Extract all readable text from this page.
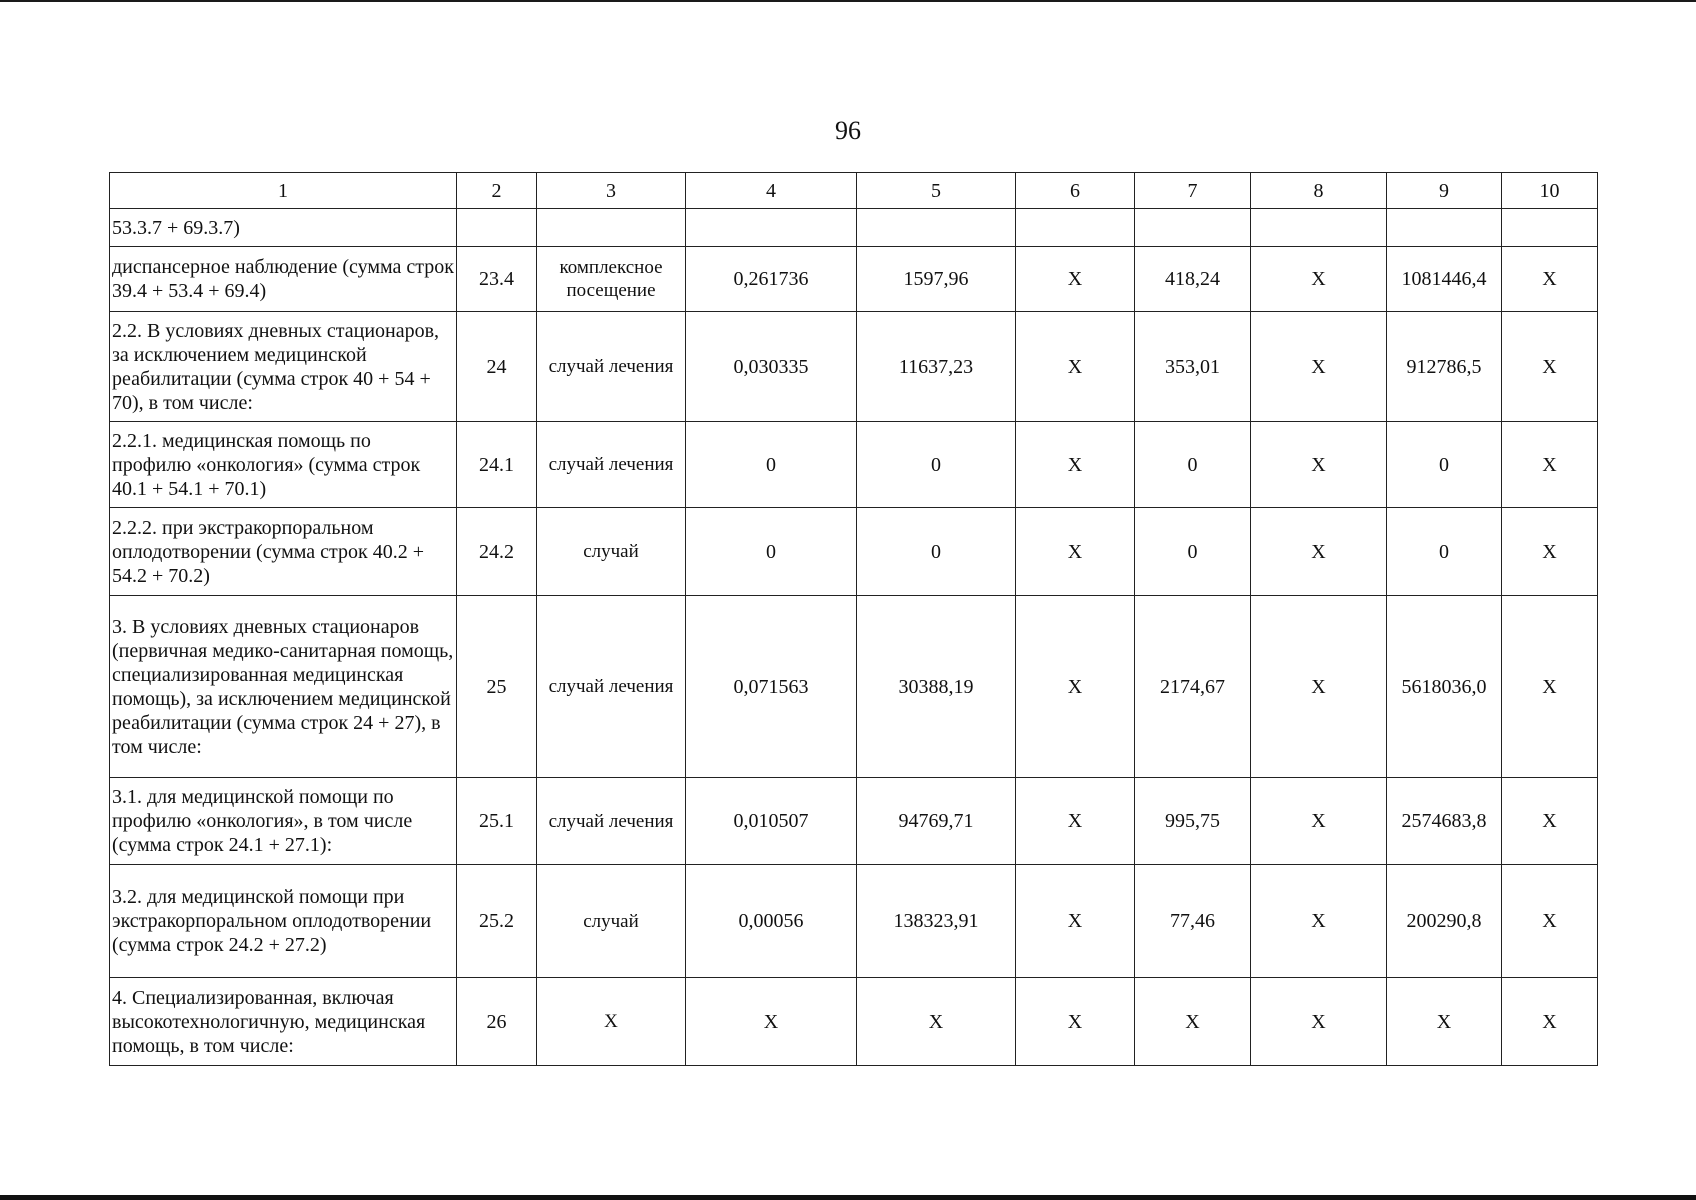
96
1	2	3	4	5	6	7	8	9	10
53.3.7 + 69.3.7)									
диспансерное наблюдение (сумма строк 39.4 + 53.4 + 69.4)	23.4	комплексное посещение	0,261736	1597,96	X	418,24	X	1081446,4	X
2.2. В условиях дневных стационаров, за исключением медицинской реабилитации (сумма строк 40 + 54 + 70), в том числе:	24	случай лечения	0,030335	11637,23	X	353,01	X	912786,5	X
2.2.1. медицинская помощь по профилю «онкология» (сумма строк 40.1 + 54.1 + 70.1)	24.1	случай лечения	0	0	X	0	X	0	X
2.2.2. при экстракорпоральном оплодотворении (сумма строк 40.2 + 54.2 + 70.2)	24.2	случай	0	0	X	0	X	0	X
3. В условиях дневных стационаров (первичная медико-санитарная помощь, специализированная медицинская помощь), за исключением медицинской реабилитации (сумма строк 24 + 27), в том числе:	25	случай лечения	0,071563	30388,19	X	2174,67	X	5618036,0	X
3.1. для медицинской помощи по профилю «онкология», в том числе (сумма строк 24.1 + 27.1):	25.1	случай лечения	0,010507	94769,71	X	995,75	X	2574683,8	X
3.2. для медицинской помощи при экстракорпоральном оплодотворении (сумма строк 24.2 + 27.2)	25.2	случай	0,00056	138323,91	X	77,46	X	200290,8	X
4. Специализированная, включая высокотехнологичную, медицинская помощь, в том числе:	26	X	X	X	X	X	X	X	X
